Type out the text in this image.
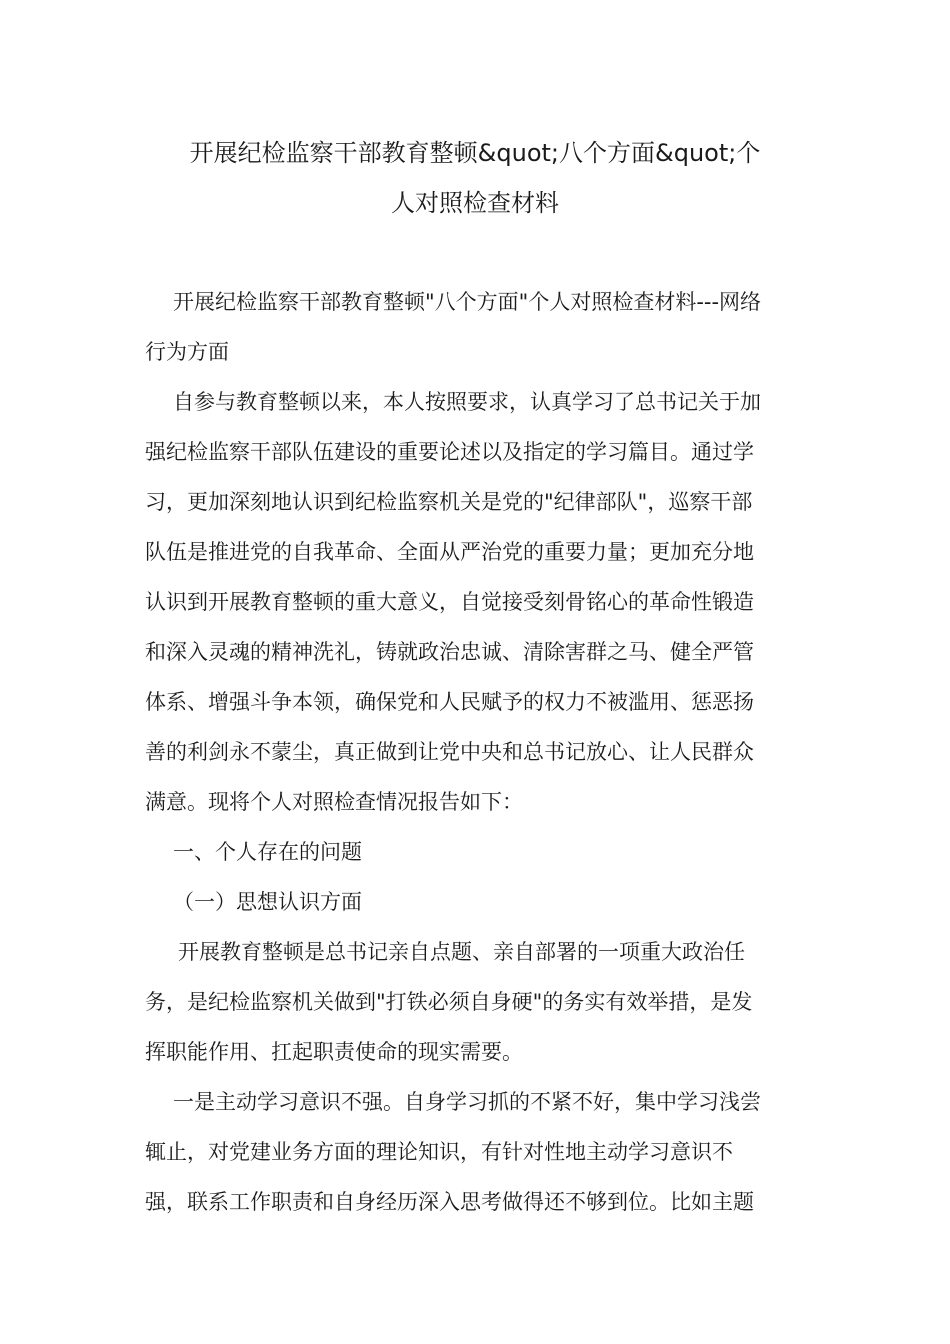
开展纪检监察干部教育整顿&quot;八个方面&quot;个
人对照检查材料
开展纪检监察干部教育整顿"八个方面"个人对照检查材料---网络
行为方面
自参与教育整顿以来，本人按照要求，认真学习了总书记关于加
强纪检监察干部队伍建设的重要论述以及指定的学习篇目。通过学
习，更加深刻地认识到纪检监察机关是党的"纪律部队"，巡察干部
队伍是推进党的自我革命、全面从严治党的重要力量；更加充分地
认识到开展教育整顿的重大意义，自觉接受刻骨铭心的革命性锻造
和深入灵魂的精神洗礼，铸就政治忠诚、清除害群之马、健全严管
体系、增强斗争本领，确保党和人民赋予的权力不被滥用、惩恶扬
善的利剑永不蒙尘，真正做到让党中央和总书记放心、让人民群众
满意。现将个人对照检查情况报告如下：
一、个人存在的问题
（一）思想认识方面
开展教育整顿是总书记亲自点题、亲自部署的一项重大政治任
务，是纪检监察机关做到"打铁必须自身硬"的务实有效举措，是发
挥职能作用、扛起职责使命的现实需要。
一是主动学习意识不强。自身学习抓的不紧不好，集中学习浅尝
辄止，对党建业务方面的理论知识，有针对性地主动学习意识不
强，联系工作职责和自身经历深入思考做得还不够到位。比如主题
